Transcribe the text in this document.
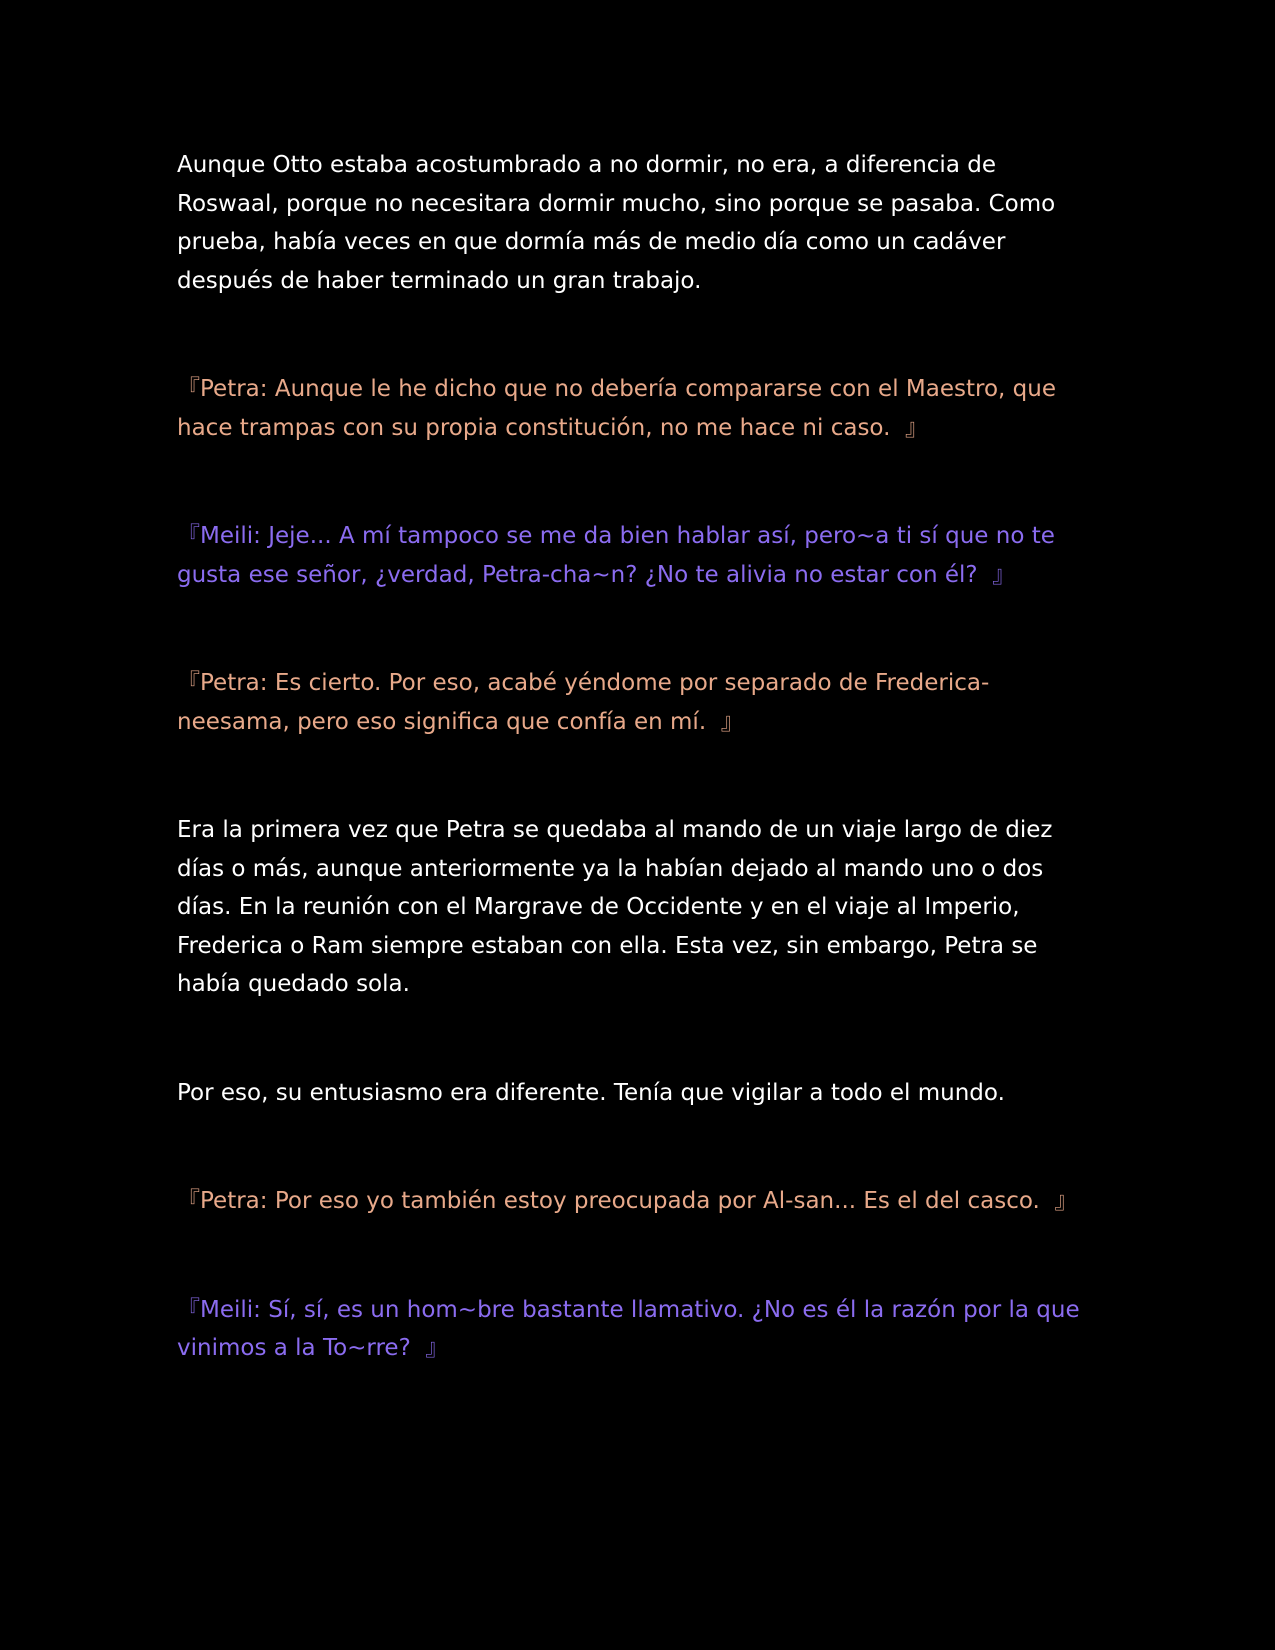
Aunque Otto estaba acostumbrado a no dormir, no era, a diferencia de Roswaal, porque no necesitara dormir mucho, sino porque se pasaba. Como prueba, había veces en que dormía más de medio día como un cadáver después de haber terminado un gran trabajo.

『Petra: Aunque le he dicho que no debería compararse con el Maestro, que hace trampas con su propia constitución, no me hace ni caso.  』

『Meili: Jeje... A mí tampoco se me da bien hablar así, pero~a ti sí que no te gusta ese señor, ¿verdad, Petra-cha~n? ¿No te alivia no estar con él?  』

『Petra: Es cierto. Por eso, acabé yéndome por separado de Frederica-neesama, pero eso significa que confía en mí.  』

Era la primera vez que Petra se quedaba al mando de un viaje largo de diez días o más, aunque anteriormente ya la habían dejado al mando uno o dos días. En la reunión con el Margrave de Occidente y en el viaje al Imperio, Frederica o Ram siempre estaban con ella. Esta vez, sin embargo, Petra se había quedado sola.

Por eso, su entusiasmo era diferente. Tenía que vigilar a todo el mundo.

『Petra: Por eso yo también estoy preocupada por Al-san... Es el del casco.  』

『Meili: Sí, sí, es un hom~bre bastante llamativo. ¿No es él la razón por la que vinimos a la To~rre?  』
